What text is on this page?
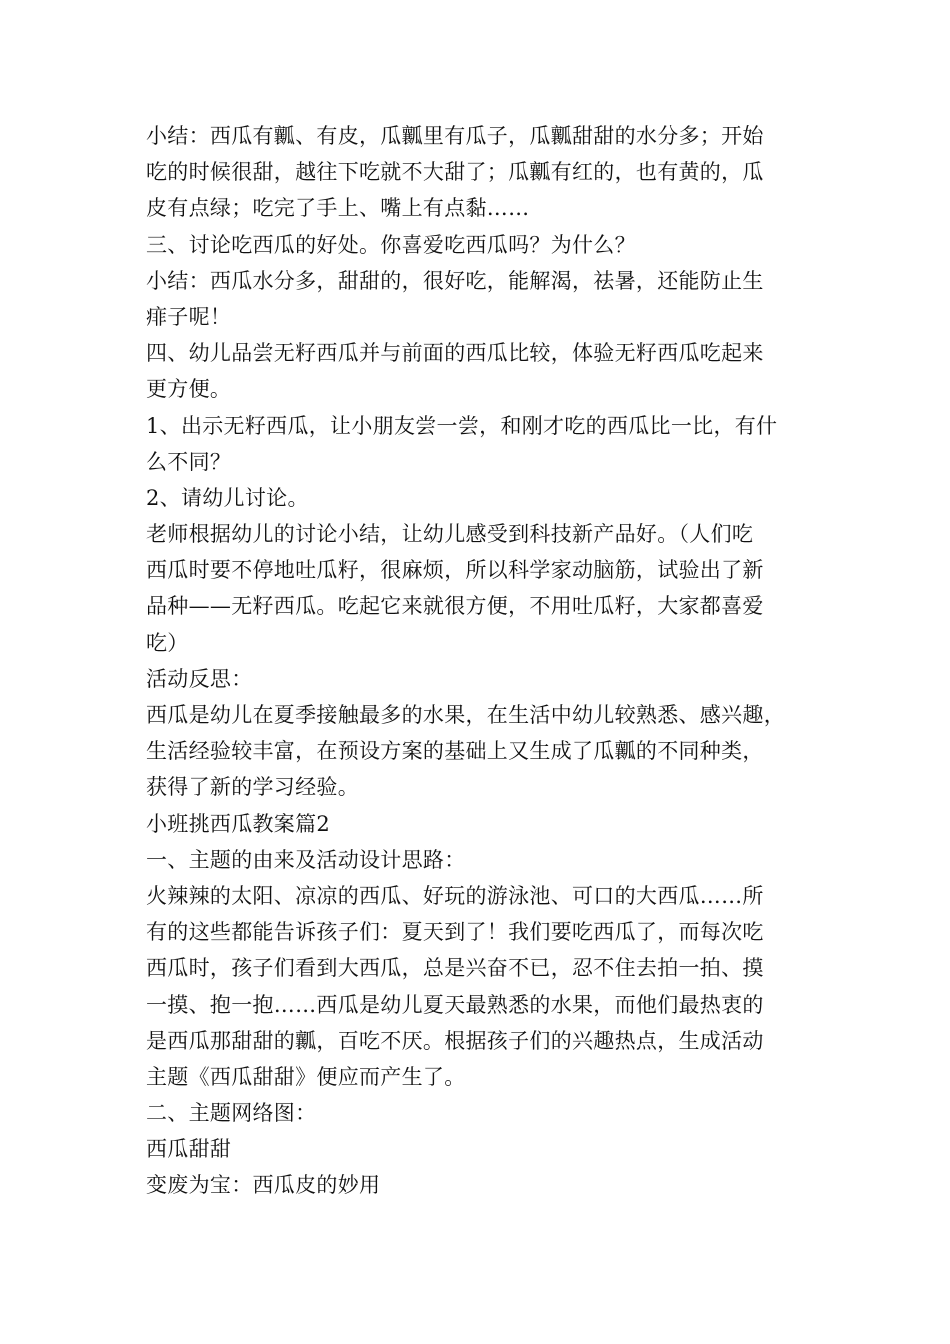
小结：西瓜有瓤、有皮，瓜瓤里有瓜子，瓜瓤甜甜的水分多；开始
吃的时候很甜，越往下吃就不大甜了；瓜瓤有红的，也有黄的，瓜
皮有点绿；吃完了手上、嘴上有点黏……
三、讨论吃西瓜的好处。你喜爱吃西瓜吗？为什么？
小结：西瓜水分多，甜甜的，很好吃，能解渴，祛暑，还能防止生
痱子呢！
四、幼儿品尝无籽西瓜并与前面的西瓜比较，体验无籽西瓜吃起来
更方便。
1、出示无籽西瓜，让小朋友尝一尝，和刚才吃的西瓜比一比，有什
么不同？
2、请幼儿讨论。
老师根据幼儿的讨论小结，让幼儿感受到科技新产品好。（人们吃
西瓜时要不停地吐瓜籽，很麻烦，所以科学家动脑筋，试验出了新
品种——无籽西瓜。吃起它来就很方便，不用吐瓜籽，大家都喜爱
吃）
活动反思：
西瓜是幼儿在夏季接触最多的水果，在生活中幼儿较熟悉、感兴趣，
生活经验较丰富，在预设方案的基础上又生成了瓜瓤的不同种类，
获得了新的学习经验。
小班挑西瓜教案篇2
一、主题的由来及活动设计思路：
火辣辣的太阳、凉凉的西瓜、好玩的游泳池、可口的大西瓜……所
有的这些都能告诉孩子们：夏天到了！我们要吃西瓜了，而每次吃
西瓜时，孩子们看到大西瓜，总是兴奋不已，忍不住去拍一拍、摸
一摸、抱一抱……西瓜是幼儿夏天最熟悉的水果，而他们最热衷的
是西瓜那甜甜的瓤，百吃不厌。根据孩子们的兴趣热点，生成活动
主题《西瓜甜甜》便应而产生了。
二、主题网络图：
西瓜甜甜
变废为宝：西瓜皮的妙用
